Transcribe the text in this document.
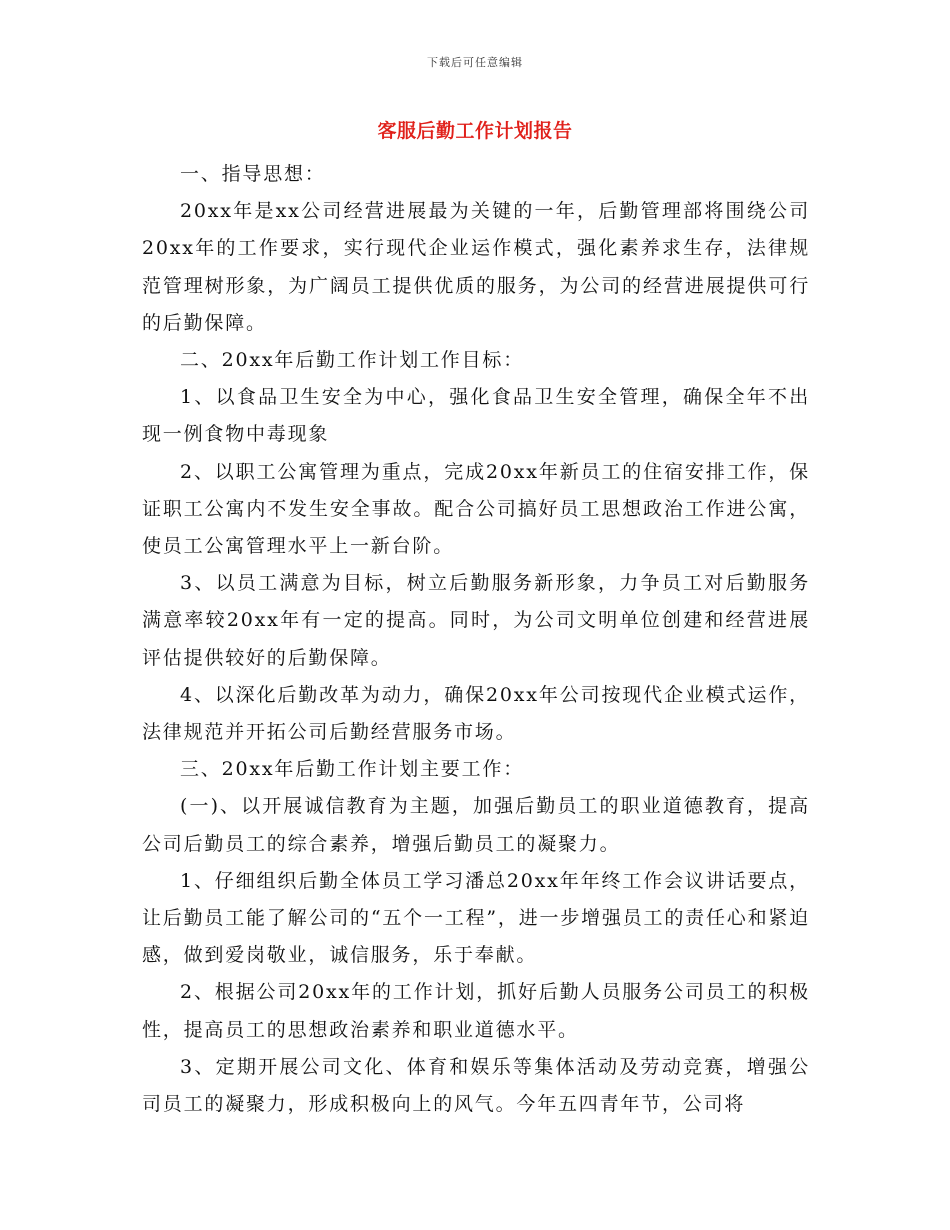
下载后可任意编辑
客服后勤工作计划报告

一、指导思想：

20xx年是xx公司经营进展最为关键的一年，后勤管理部将围绕公司20xx年的工作要求，实行现代企业运作模式，强化素养求生存，法律规范管理树形象，为广阔员工提供优质的服务，为公司的经营进展提供可行的后勤保障。

二、20xx年后勤工作计划工作目标：

1、以食品卫生安全为中心，强化食品卫生安全管理，确保全年不出现一例食物中毒现象

2、以职工公寓管理为重点，完成20xx年新员工的住宿安排工作，保证职工公寓内不发生安全事故。配合公司搞好员工思想政治工作进公寓，使员工公寓管理水平上一新台阶。

3、以员工满意为目标，树立后勤服务新形象，力争员工对后勤服务满意率较20xx年有一定的提高。同时，为公司文明单位创建和经营进展评估提供较好的后勤保障。

4、以深化后勤改革为动力，确保20xx年公司按现代企业模式运作，法律规范并开拓公司后勤经营服务市场。

三、20xx年后勤工作计划主要工作：

(一)、以开展诚信教育为主题，加强后勤员工的职业道德教育，提高公司后勤员工的综合素养，增强后勤员工的凝聚力。

1、仔细组织后勤全体员工学习潘总20xx年年终工作会议讲话要点，让后勤员工能了解公司的“五个一工程”，进一步增强员工的责任心和紧迫感，做到爱岗敬业，诚信服务，乐于奉献。

2、根据公司20xx年的工作计划，抓好后勤人员服务公司员工的积极性，提高员工的思想政治素养和职业道德水平。

3、定期开展公司文化、体育和娱乐等集体活动及劳动竞赛，增强公司员工的凝聚力，形成积极向上的风气。今年五四青年节，公司将
